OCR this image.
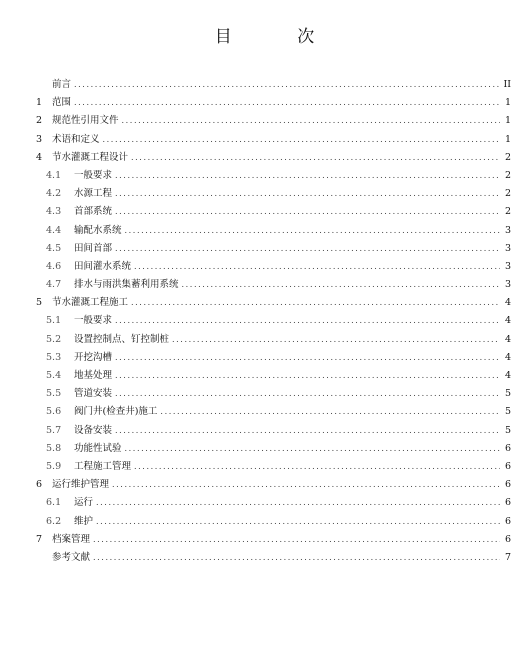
目 次
前言 .....	II
1	范围 .....	1
2	规范性引用文件 .....	1
3	术语和定义 .....	1
4	节水灌溉工程设计 .....	2
4.1	一般要求 .....	2
4.2	水源工程 .....	2
4.3	首部系统 .....	2
4.4	输配水系统 .....	3
4.5	田间首部 .....	3
4.6	田间灌水系统 .....	3
4.7	排水与雨洪集蓄利用系统 .....	3
5	节水灌溉工程施工 .....	4
5.1	一般要求 .....	4
5.2	设置控制点、钉控制桩 .....	4
5.3	开挖沟槽 .....	4
5.4	地基处理 .....	4
5.5	管道安装 .....	5
5.6	阀门井(检查井)施工 .....	5
5.7	设备安装 .....	5
5.8	功能性试验 .....	6
5.9	工程施工管理 .....	6
6	运行维护管理 .....	6
6.1	运行 .....	6
6.2	维护 .....	6
7	档案管理 .....	6
参考文献 .....	7
